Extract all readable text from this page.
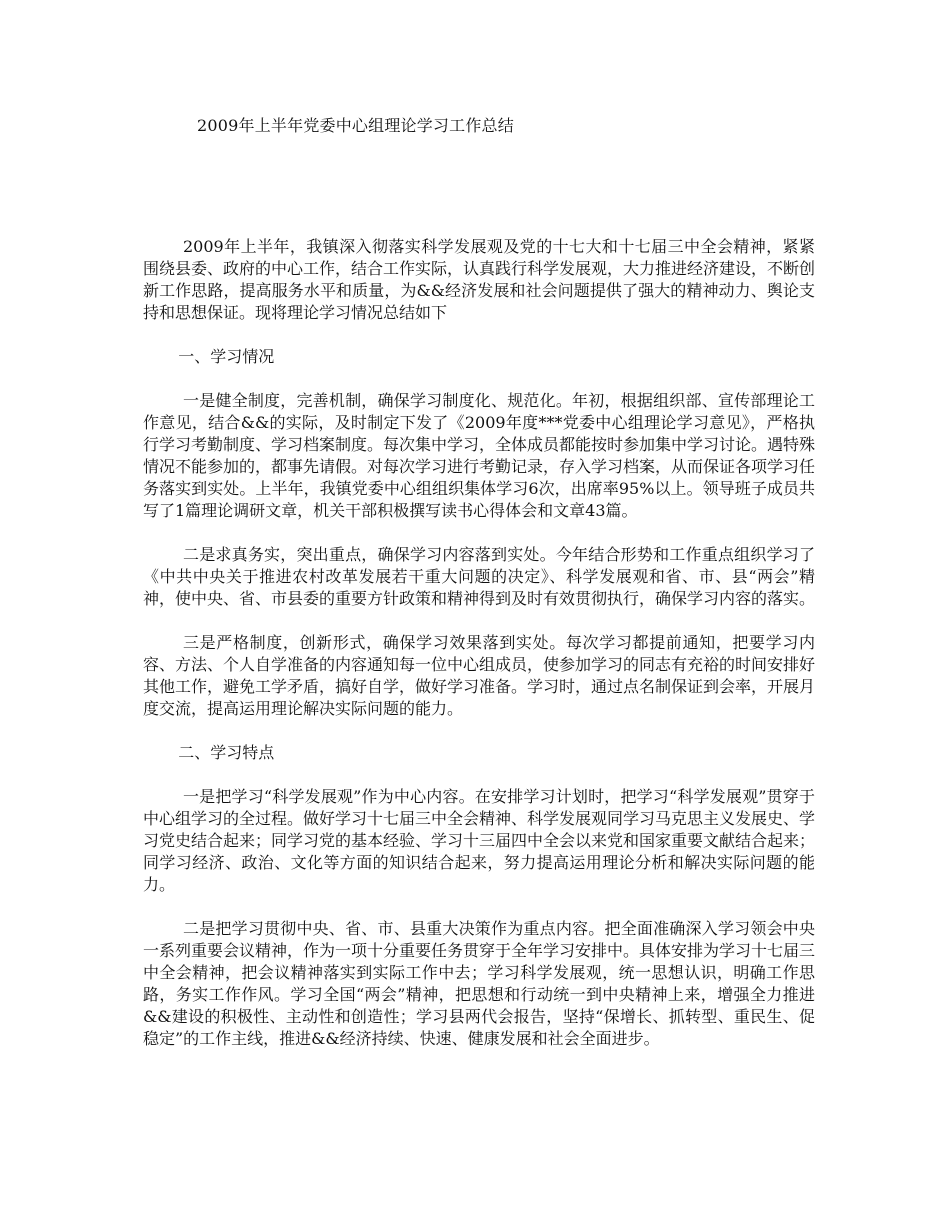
2009年上半年党委中心组理论学习工作总结

2009年上半年，我镇深入彻落实科学发展观及党的十七大和十七届三中全会精神，紧紧围绕县委、政府的中心工作，结合工作实际，认真践行科学发展观，大力推进经济建设，不断创新工作思路，提高服务水平和质量，为&&经济发展和社会问题提供了强大的精神动力、舆论支持和思想保证。现将理论学习情况总结如下

一、学习情况

一是健全制度，完善机制，确保学习制度化、规范化。年初，根据组织部、宣传部理论工作意见，结合&&的实际，及时制定下发了《2009年度***党委中心组理论学习意见》，严格执行学习考勤制度、学习档案制度。每次集中学习，全体成员都能按时参加集中学习讨论。遇特殊情况不能参加的，都事先请假。对每次学习进行考勤记录，存入学习档案，从而保证各项学习任务落实到实处。上半年，我镇党委中心组组织集体学习6次，出席率95%以上。领导班子成员共写了1篇理论调研文章，机关干部积极撰写读书心得体会和文章43篇。

二是求真务实，突出重点，确保学习内容落到实处。今年结合形势和工作重点组织学习了《中共中央关于推进农村改革发展若干重大问题的决定》、科学发展观和省、市、县“两会”精神，使中央、省、市县委的重要方针政策和精神得到及时有效贯彻执行，确保学习内容的落实。

三是严格制度，创新形式，确保学习效果落到实处。每次学习都提前通知，把要学习内容、方法、个人自学准备的内容通知每一位中心组成员，使参加学习的同志有充裕的时间安排好其他工作，避免工学矛盾，搞好自学，做好学习准备。学习时，通过点名制保证到会率，开展月度交流，提高运用理论解决实际问题的能力。

二、学习特点

一是把学习“科学发展观”作为中心内容。在安排学习计划时，把学习“科学发展观”贯穿于中心组学习的全过程。做好学习十七届三中全会精神、科学发展观同学习马克思主义发展史、学习党史结合起来；同学习党的基本经验、学习十三届四中全会以来党和国家重要文献结合起来；同学习经济、政治、文化等方面的知识结合起来，努力提高运用理论分析和解决实际问题的能力。

二是把学习贯彻中央、省、市、县重大决策作为重点内容。把全面准确深入学习领会中央一系列重要会议精神，作为一项十分重要任务贯穿于全年学习安排中。具体安排为学习十七届三中全会精神，把会议精神落实到实际工作中去；学习科学发展观，统一思想认识，明确工作思路，务实工作作风。学习全国“两会”精神，把思想和行动统一到中央精神上来，增强全力推进&&建设的积极性、主动性和创造性；学习县两代会报告，坚持“保增长、抓转型、重民生、促稳定”的工作主线，推进&&经济持续、快速、健康发展和社会全面进步。
